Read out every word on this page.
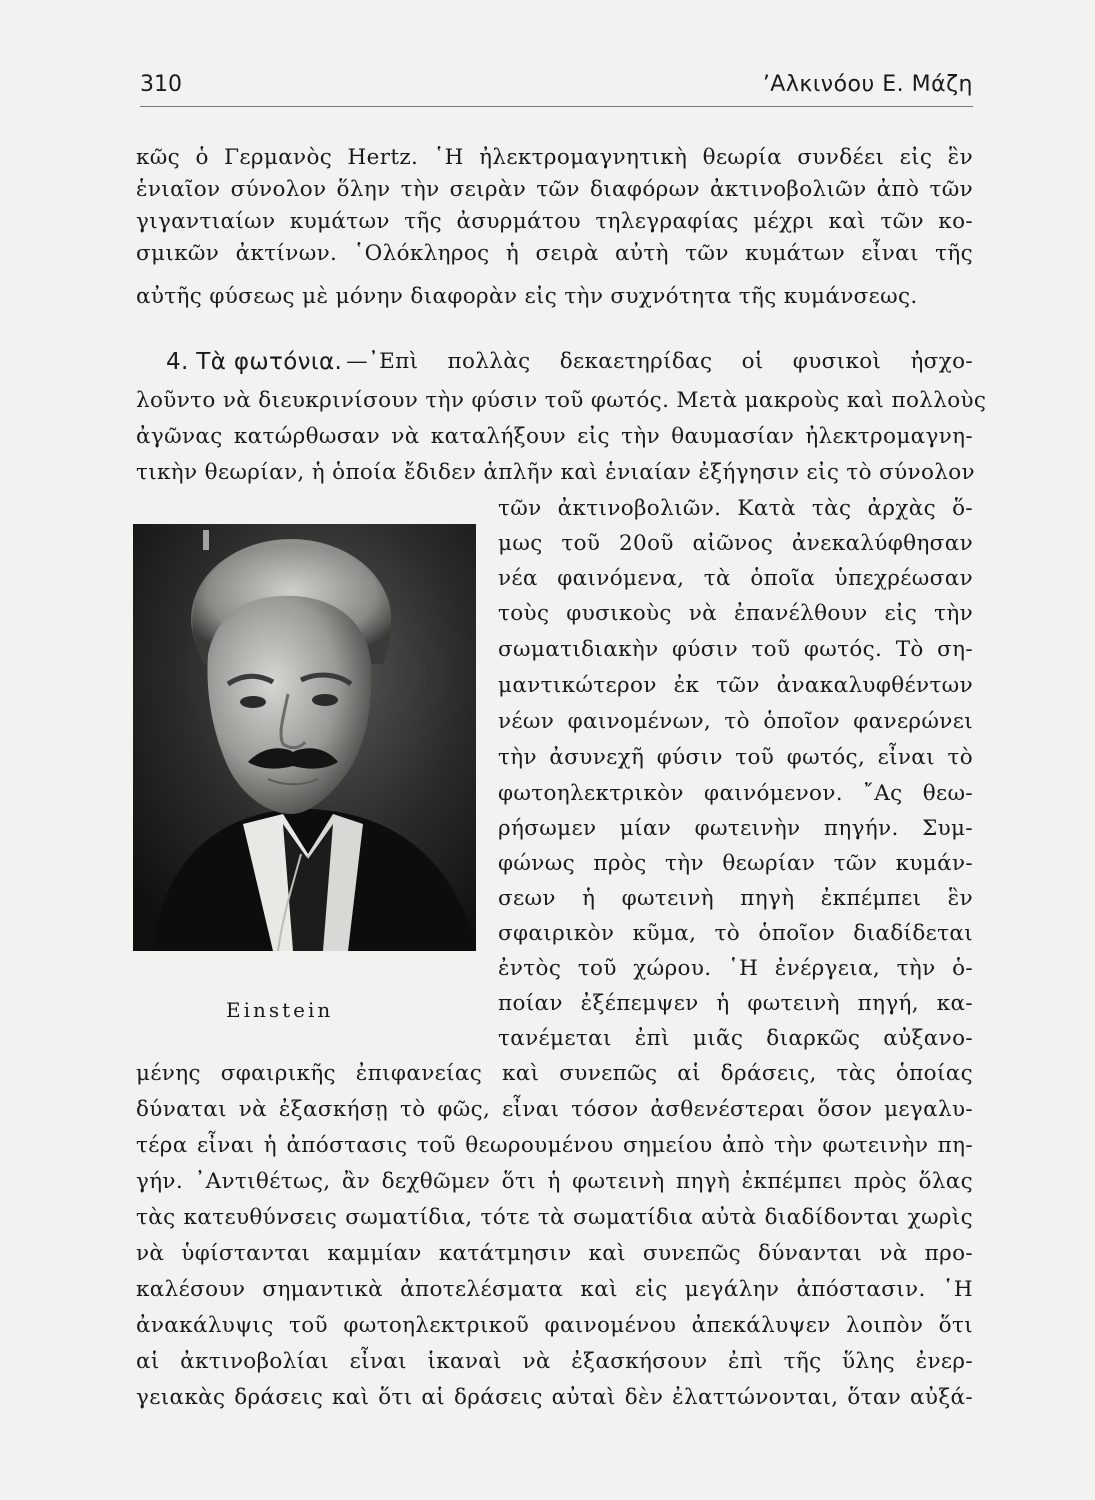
310	’Αλκινόου Ε. Μάζη
κῶς ὁ Γερμανὸς Hertz. ῾Η ἠλεκτρομαγνητικὴ θεωρία συνδέει εἰς ἓν
ἑνιαῖον σύνολον ὅλην τὴν σειρὰν τῶν διαφόρων ἀκτινοβολιῶν ἀπὸ τῶν
γιγαντιαίων κυμάτων τῆς ἀσυρμάτου τηλεγραφίας μέχρι καὶ τῶν κο-
σμικῶν ἀκτίνων. ῾Ολόκληρος ἡ σειρὰ αὐτὴ τῶν κυμάτων εἶναι τῆς
αὐτῆς φύσεως μὲ μόνην διαφορὰν εἰς τὴν συχνότητα τῆς κυμάνσεως.
4. Τὰ φωτόνια. —᾽Επὶ πολλὰς δεκαετηρίδας οἱ φυσικοὶ ἠσχο-
λοῦντο νὰ διευκρινίσουν τὴν φύσιν τοῦ φωτός. Μετὰ μακροὺς καὶ πολλοὺς
ἀγῶνας κατώρθωσαν νὰ καταλήξουν εἰς τὴν θαυμασίαν ἠλεκτρομαγνη-
τικὴν θεωρίαν, ἡ ὁποία ἔδιδεν ἁπλῆν καὶ ἑνιαίαν ἐξήγησιν εἰς τὸ σύνολον
τῶν ἀκτινοβολιῶν. Κατὰ τὰς ἀρχὰς ὅ-
μως τοῦ 20οῦ αἰῶνος ἀνεκαλύφθησαν
νέα φαινόμενα, τὰ ὁποῖα ὑπεχρέωσαν
τοὺς φυσικοὺς νὰ ἐπανέλθουν εἰς τὴν
σωματιδιακὴν φύσιν τοῦ φωτός. Τὸ ση-
μαντικώτερον ἐκ τῶν ἀνακαλυφθέντων
νέων φαινομένων, τὸ ὁποῖον φανερώνει
τὴν ἀσυνεχῆ φύσιν τοῦ φωτός, εἶναι τὸ
φωτοηλεκτρικὸν φαινόμενον. ῎Ας θεω-
ρήσωμεν μίαν φωτεινὴν πηγήν. Συμ-
φώνως πρὸς τὴν θεωρίαν τῶν κυμάν-
σεων ἡ φωτεινὴ πηγὴ ἐκπέμπει ἓν
σφαιρικὸν κῦμα, τὸ ὁποῖον διαδίδεται
ἐντὸς τοῦ χώρου. ῾Η ἐνέργεια, τὴν ὁ-
ποίαν ἐξέπεμψεν ἡ φωτεινὴ πηγή, κα-
τανέμεται ἐπὶ μιᾶς διαρκῶς αὐξανο-
Einstein
μένης σφαιρικῆς ἐπιφανείας καὶ συνεπῶς αἱ δράσεις, τὰς ὁποίας
δύναται νὰ ἐξασκήσῃ τὸ φῶς, εἶναι τόσον ἀσθενέστεραι ὅσον μεγαλυ-
τέρα εἶναι ἡ ἀπόστασις τοῦ θεωρουμένου σημείου ἀπὸ τὴν φωτεινὴν πη-
γήν. ᾽Αντιθέτως, ἂν δεχθῶμεν ὅτι ἡ φωτεινὴ πηγὴ ἐκπέμπει πρὸς ὅλας
τὰς κατευθύνσεις σωματίδια, τότε τὰ σωματίδια αὐτὰ διαδίδονται χωρὶς
νὰ ὑφίστανται καμμίαν κατάτμησιν καὶ συνεπῶς δύνανται νὰ προ-
καλέσουν σημαντικὰ ἀποτελέσματα καὶ εἰς μεγάλην ἀπόστασιν. ῾Η
ἀνακάλυψις τοῦ φωτοηλεκτρικοῦ φαινομένου ἀπεκάλυψεν λοιπὸν ὅτι
αἱ ἀκτινοβολίαι εἶναι ἱκαναὶ νὰ ἐξασκήσουν ἐπὶ τῆς ὕλης ἐνερ-
γειακὰς δράσεις καὶ ὅτι αἱ δράσεις αὐταὶ δὲν ἐλαττώνονται, ὅταν αὐξά-
